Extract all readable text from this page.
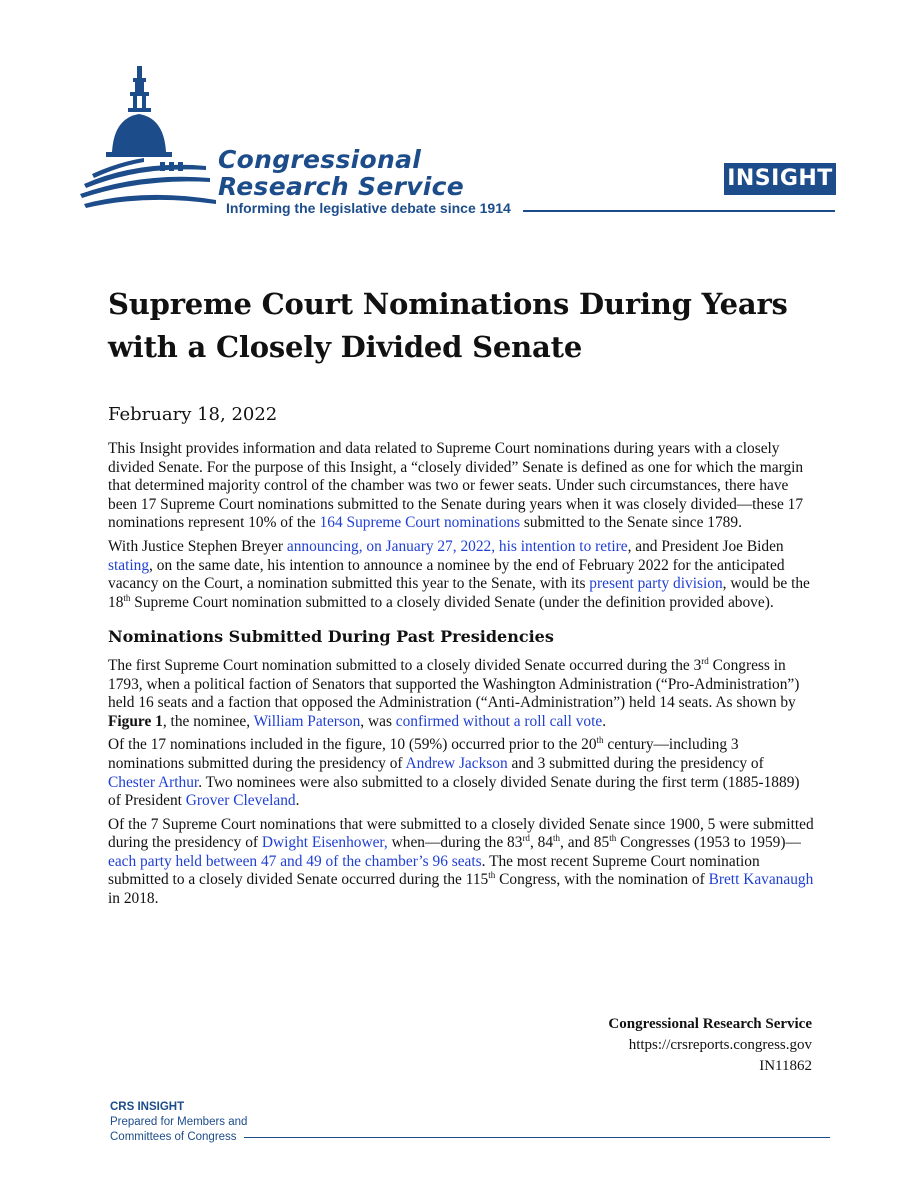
Congressional
Research Service
Informing the legislative debate since 1914
INSIGHT
Supreme Court Nominations During Years with a Closely Divided Senate
February 18, 2022

This Insight provides information and data related to Supreme Court nominations during years with a closely divided Senate. For the purpose of this Insight, a “closely divided” Senate is defined as one for which the margin that determined majority control of the chamber was two or fewer seats. Under such circumstances, there have been 17 Supreme Court nominations submitted to the Senate during years when it was closely divided—these 17 nominations represent 10% of the 164 Supreme Court nominations submitted to the Senate since 1789.

With Justice Stephen Breyer announcing, on January 27, 2022, his intention to retire, and President Joe Biden stating, on the same date, his intention to announce a nominee by the end of February 2022 for the anticipated vacancy on the Court, a nomination submitted this year to the Senate, with its present party division, would be the 18th Supreme Court nomination submitted to a closely divided Senate (under the definition provided above).

Nominations Submitted During Past Presidencies

The first Supreme Court nomination submitted to a closely divided Senate occurred during the 3rd Congress in 1793, when a political faction of Senators that supported the Washington Administration (“Pro-Administration”) held 16 seats and a faction that opposed the Administration (“Anti-Administration”) held 14 seats. As shown by Figure 1, the nominee, William Paterson, was confirmed without a roll call vote.

Of the 17 nominations included in the figure, 10 (59%) occurred prior to the 20th century—including 3 nominations submitted during the presidency of Andrew Jackson and 3 submitted during the presidency of Chester Arthur. Two nominees were also submitted to a closely divided Senate during the first term (1885-1889) of President Grover Cleveland.

Of the 7 Supreme Court nominations that were submitted to a closely divided Senate since 1900, 5 were submitted during the presidency of Dwight Eisenhower, when—during the 83rd, 84th, and 85th Congresses (1953 to 1959)—each party held between 47 and 49 of the chamber’s 96 seats. The most recent Supreme Court nomination submitted to a closely divided Senate occurred during the 115th Congress, with the nomination of Brett Kavanaugh in 2018.

Congressional Research Service
https://crsreports.congress.gov
IN11862
CRS INSIGHT
Prepared for Members and
Committees of Congress
